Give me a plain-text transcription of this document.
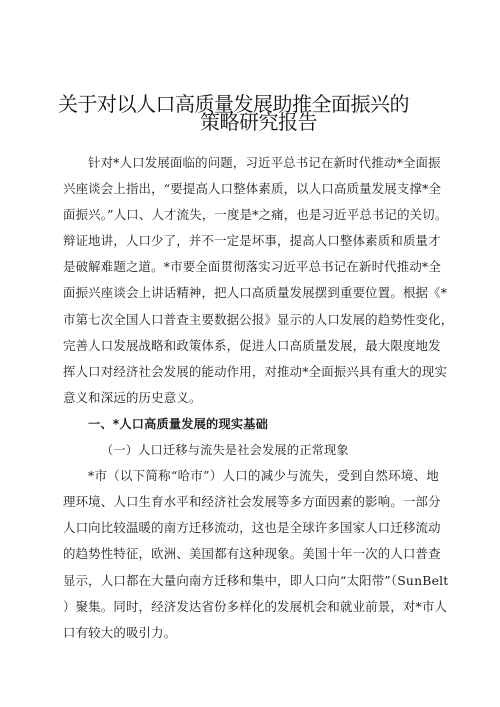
关于对以人口高质量发展助推全面振兴的
策略研究报告
针对*人口发展面临的问题，习近平总书记在新时代推动*全面振
兴座谈会上指出，“要提高人口整体素质，以人口高质量发展支撑*全
面振兴。”人口、人才流失，一度是*之痛，也是习近平总书记的关切。
辩证地讲，人口少了，并不一定是坏事，提高人口整体素质和质量才
是破解难题之道。*市要全面贯彻落实习近平总书记在新时代推动*全
面振兴座谈会上讲话精神，把人口高质量发展摆到重要位置。根据《*
市第七次全国人口普查主要数据公报》显示的人口发展的趋势性变化，
完善人口发展战略和政策体系，促进人口高质量发展，最大限度地发
挥人口对经济社会发展的能动作用，对推动*全面振兴具有重大的现实
意义和深远的历史意义。
一、*人口高质量发展的现实基础
（一）人口迁移与流失是社会发展的正常现象
*市（以下简称“哈市”）人口的减少与流失，受到自然环境、地
理环境、人口生育水平和经济社会发展等多方面因素的影响。一部分
人口向比较温暖的南方迁移流动，这也是全球许多国家人口迁移流动
的趋势性特征，欧洲、美国都有这种现象。美国十年一次的人口普查
显示，人口都在大量向南方迁移和集中，即人口向“太阳带”（SunBelt
）聚集。同时，经济发达省份多样化的发展机会和就业前景，对*市人
口有较大的吸引力。
